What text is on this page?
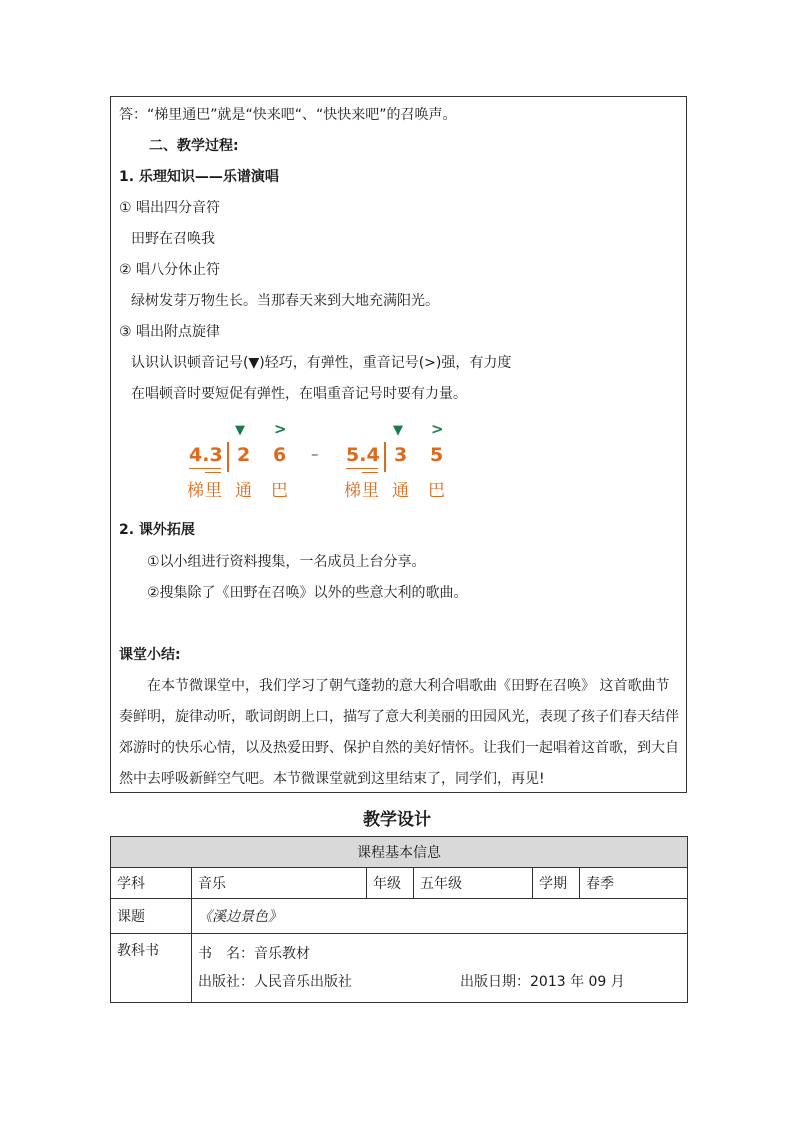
答：“梯里通巴”就是“快来吧“、“快快来吧”的召唤声。
二、教学过程:
1. 乐理知识——乐谱演唱
① 唱出四分音符
田野在召唤我
② 唱八分休止符
绿树发芽万物生长。当那春天来到大地充满阳光。
③ 唱出附点旋律
认识认识顿音记号(▼)轻巧，有弹性，重音记号(>)强，有力度
在唱顿音时要短促有弹性，在唱重音记号时要有力量。
▼ >
4.3 2 6
梯里 通 巴
–
▼ >
5.4 3 5
梯里 通 巴
2. 课外拓展
①以小组进行资料搜集，一名成员上台分享。
②搜集除了《田野在召唤》以外的些意大利的歌曲。
课堂小结:
在本节微课堂中，我们学习了朝气蓬勃的意大利合唱歌曲《田野在召唤》 这首歌曲节奏鲜明，旋律动听，歌词朗朗上口，描写了意大利美丽的田园风光，表现了孩子们春天结伴郊游时的快乐心情，以及热爱田野、保护自然的美好情怀。让我们一起唱着这首歌，到大自然中去呼吸新鲜空气吧。本节微课堂就到这里结束了，同学们，再见!
教学设计
课程基本信息					
学科	音乐	年级	五年级	学期	春季
课题	《溪边景色》				
教科书	书　名：音乐教材
出版社：人民音乐出版社 出版日期：2013 年 09 月				
